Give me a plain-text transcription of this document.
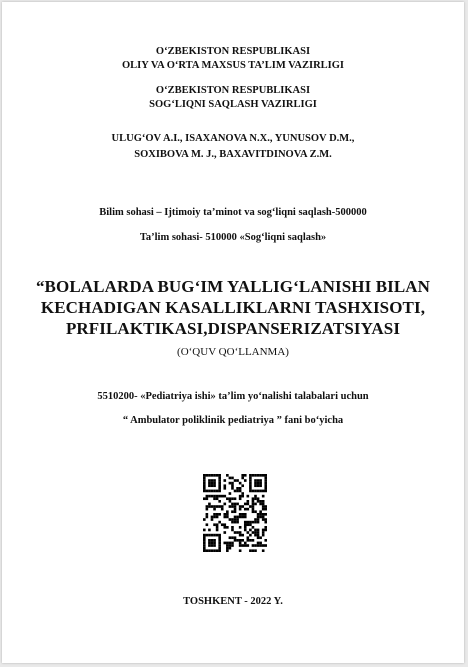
O‘ZBEKISTON RESPUBLIKASI
OLIY VA O‘RTA MAXSUS TA’LIM VAZIRLIGI
O‘ZBEKISTON RESPUBLIKASI
SOG‘LIQNI SAQLASH VAZIRLIGI
ULUG‘OV A.I., ISAXANOVA N.X., YUNUSOV D.M.,
SOXIBOVA M. J., BAXAVITDINOVA Z.M.
Bilim sohasi – Ijtimoiy ta’minot va sog‘liqni saqlash-500000
Ta’lim sohasi- 510000 «Sog‘liqni saqlash»
“BOLALARDA BUG‘IM YALLIG‘LANISHI BILAN
KECHADIGAN KASALLIKLARNI TASHXISOTI,
PRFILAKTIKASI,DISPANSERIZATSIYASI
(O‘QUV QO‘LLANMA)
5510200- «Pediatriya ishi» ta’lim yo‘nalishi talabalari uchun
“ Ambulator poliklinik pediatriya ” fani bo‘yicha
TOSHKENT - 2022 Y.
